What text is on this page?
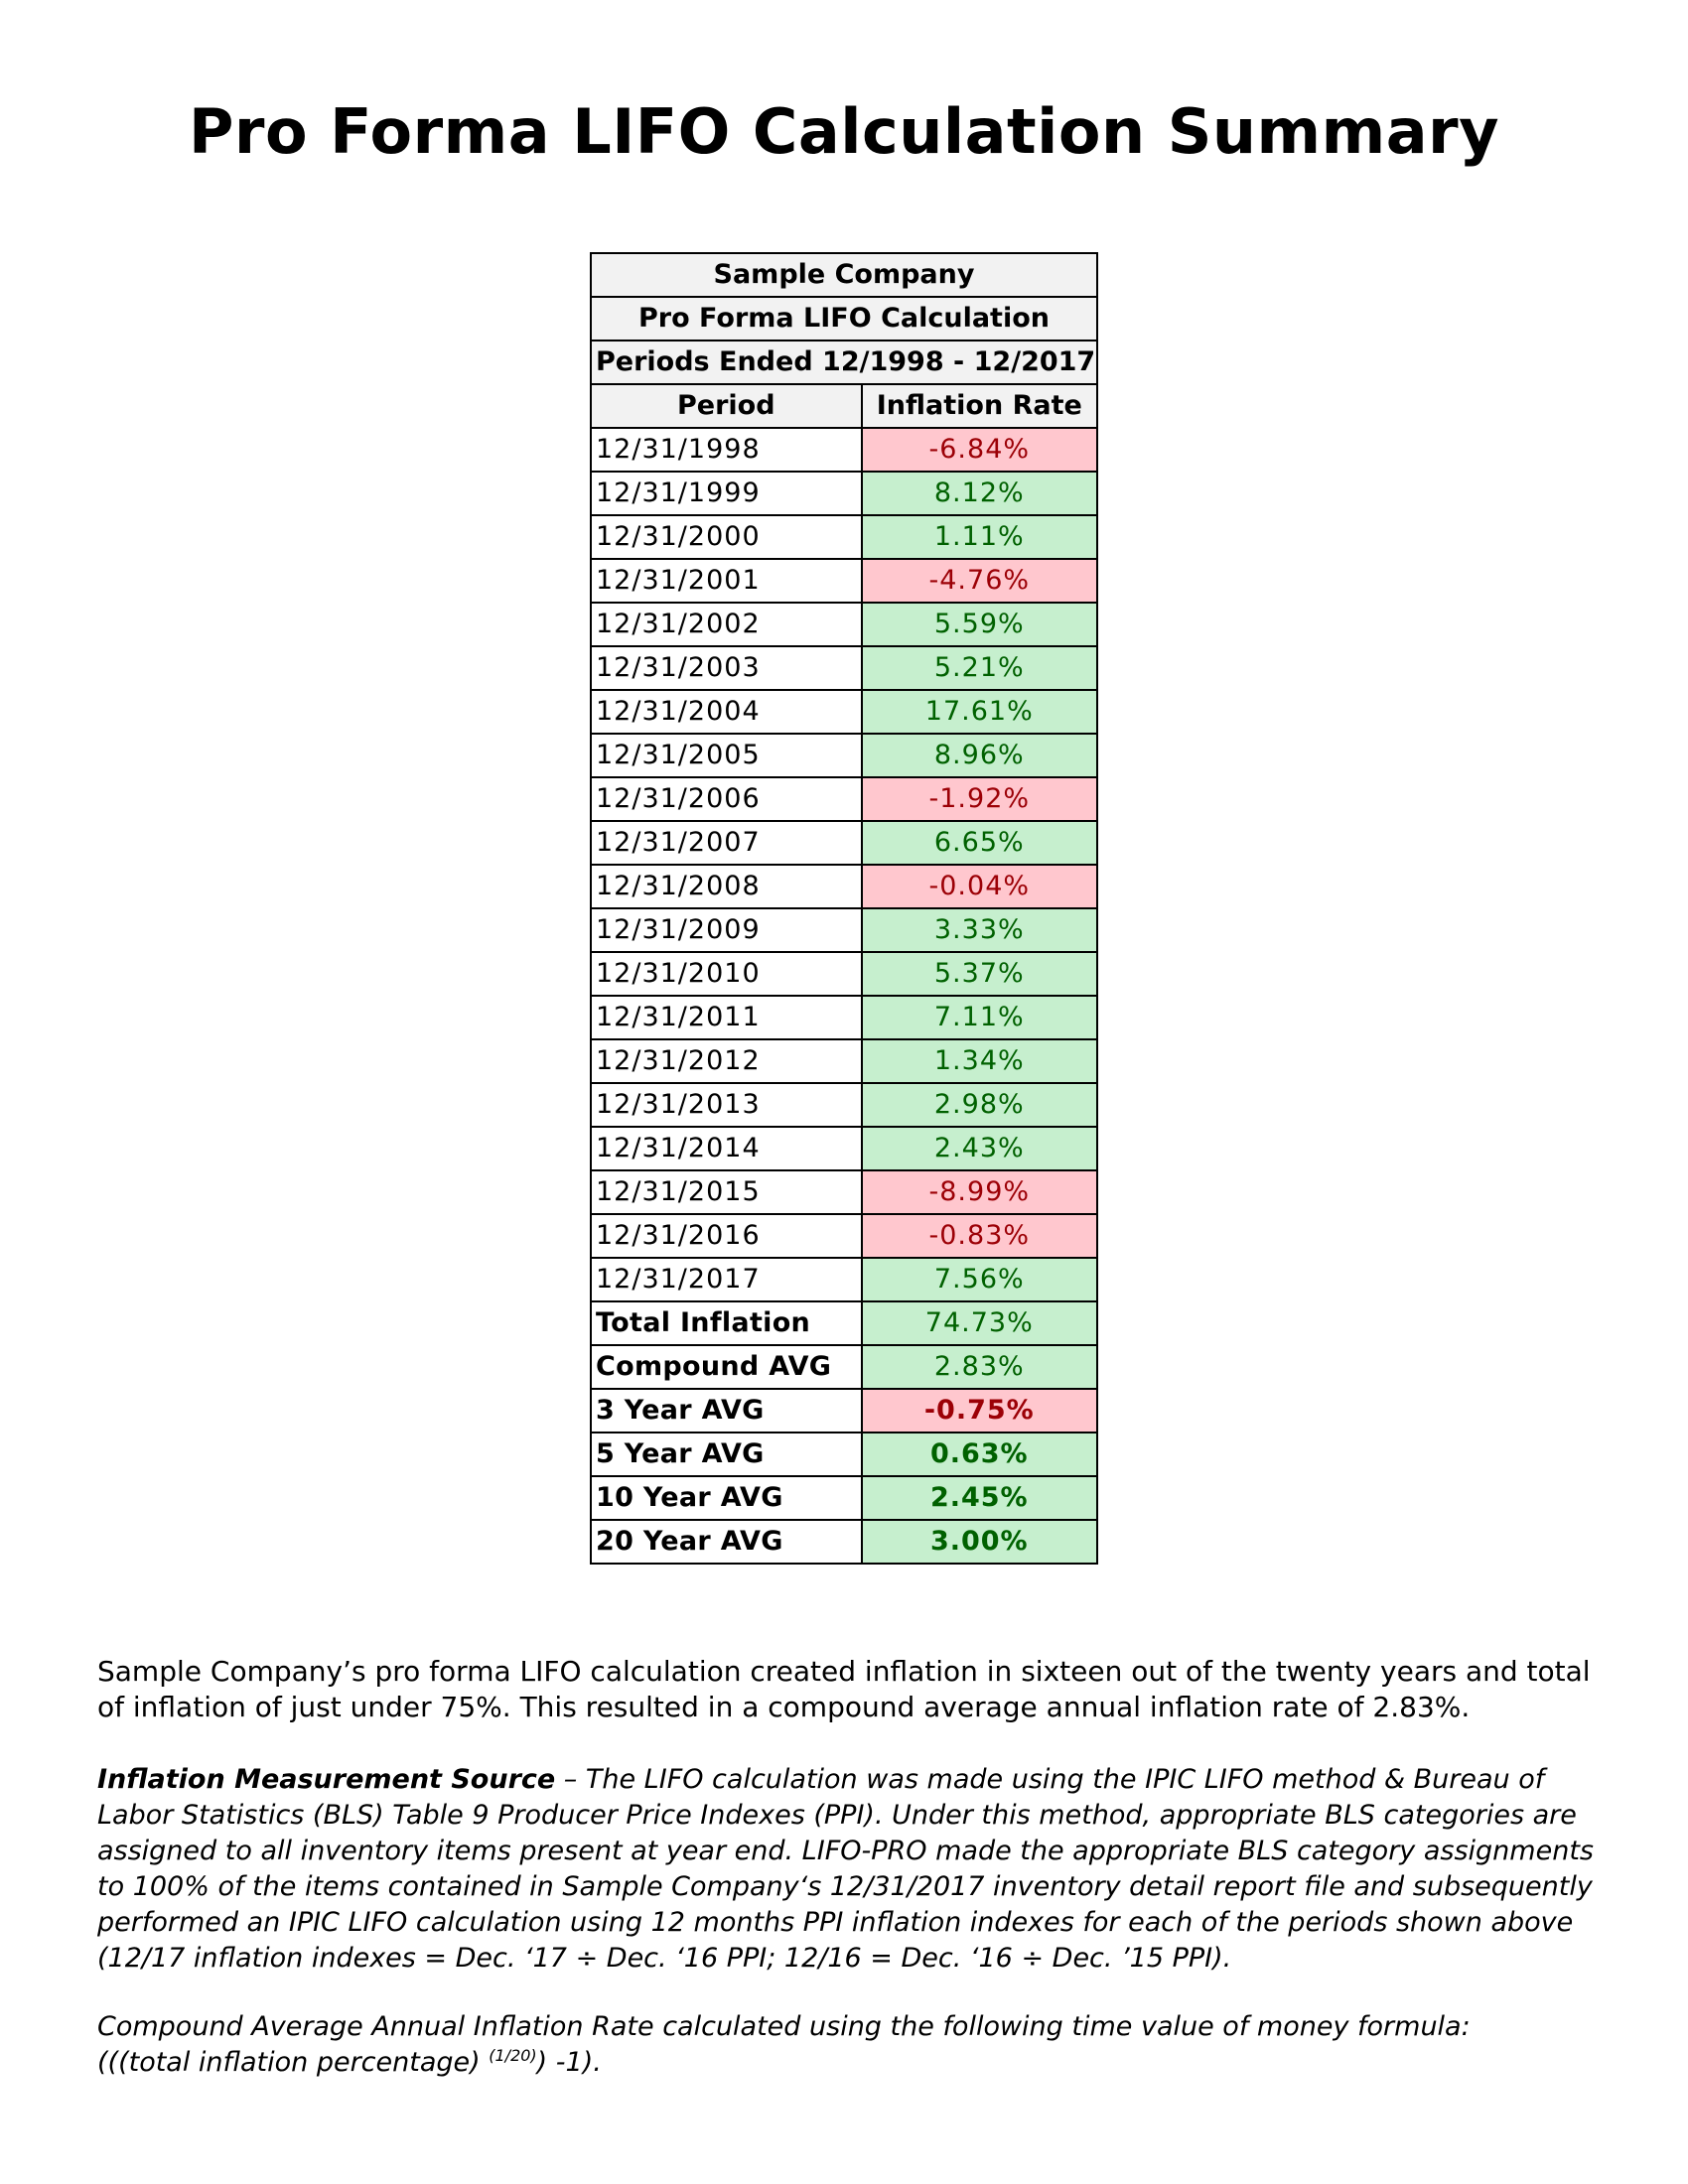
Pro Forma LIFO Calculation Summary
Sample Company	
Pro Forma LIFO Calculation	
Periods Ended 12/1998 - 12/2017	
Period	Inflation Rate
12/31/1998	-6.84%
12/31/1999	8.12%
12/31/2000	1.11%
12/31/2001	-4.76%
12/31/2002	5.59%
12/31/2003	5.21%
12/31/2004	17.61%
12/31/2005	8.96%
12/31/2006	-1.92%
12/31/2007	6.65%
12/31/2008	-0.04%
12/31/2009	3.33%
12/31/2010	5.37%
12/31/2011	7.11%
12/31/2012	1.34%
12/31/2013	2.98%
12/31/2014	2.43%
12/31/2015	-8.99%
12/31/2016	-0.83%
12/31/2017	7.56%
Total Inflation	74.73%
Compound AVG	2.83%
3 Year AVG	-0.75%
5 Year AVG	0.63%
10 Year AVG	2.45%
20 Year AVG	3.00%
Sample Company’s pro forma LIFO calculation created inflation in sixteen out of the twenty years and total of inflation of just under 75%. This resulted in a compound average annual inflation rate of 2.83%.
Inflation Measurement Source – The LIFO calculation was made using the IPIC LIFO method & Bureau of Labor Statistics (BLS) Table 9 Producer Price Indexes (PPI). Under this method, appropriate BLS categories are assigned to all inventory items present at year end. LIFO-PRO made the appropriate BLS category assignments to 100% of the items contained in Sample Company‘s 12/31/2017 inventory detail report file and subsequently performed an IPIC LIFO calculation using 12 months PPI inflation indexes for each of the periods shown above (12/17 inflation indexes = Dec. ‘17 ÷ Dec. ‘16 PPI; 12/16 = Dec. ‘16 ÷ Dec. ’15 PPI).
Compound Average Annual Inflation Rate calculated using the following time value of money formula:
(((total inflation percentage) $^{(1/20)}$) -1).
